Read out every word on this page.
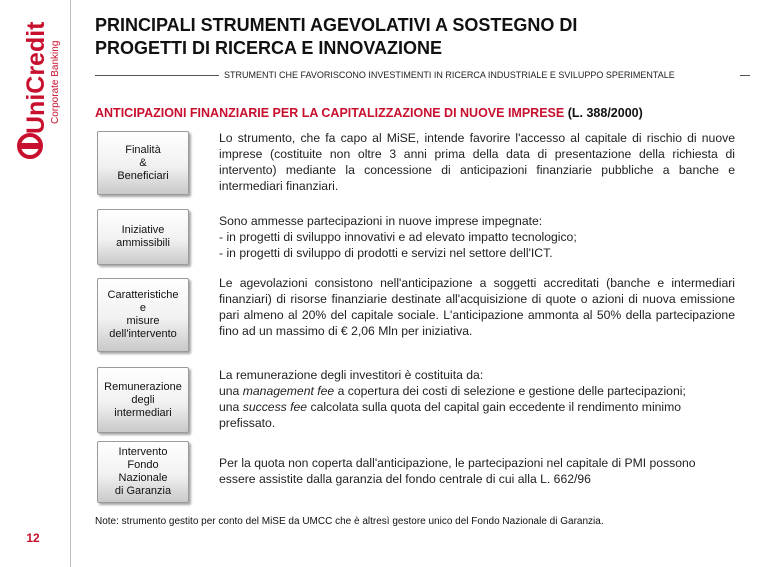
UniCredit Corporate Banking
12
PRINCIPALI STRUMENTI AGEVOLATIVI A SOSTEGNO DI
PROGETTI DI RICERCA E INNOVAZIONE
STRUMENTI CHE FAVORISCONO INVESTIMENTI IN RICERCA INDUSTRIALE E SVILUPPO SPERIMENTALE
ANTICIPAZIONI FINANZIARIE PER LA CAPITALIZZAZIONE DI NUOVE IMPRESE (L. 388/2000)
Finalità
&
Beneficiari

Lo strumento, che fa capo al MiSE, intende favorire l'accesso al capitale di rischio di nuove imprese (costituite non oltre 3 anni prima della data di presentazione della richiesta di intervento) mediante la concessione di anticipazioni finanziarie pubbliche a banche e intermediari finanziari.

Iniziative
ammissibili

Sono ammesse partecipazioni in nuove imprese impegnate:

- in progetti di sviluppo innovativi e ad elevato impatto tecnologico;

- in progetti di sviluppo di prodotti e servizi nel settore dell'ICT.

Caratteristiche
e
misure
dell'intervento

Le agevolazioni consistono nell'anticipazione a soggetti accreditati (banche e intermediari finanziari) di risorse finanziarie destinate all'acquisizione di quote o azioni di nuova emissione pari almeno al 20% del capitale sociale. L'anticipazione ammonta al 50% della partecipazione fino ad un massimo di € 2,06 Mln per iniziativa.

Remunerazione
degli
intermediari

La remunerazione degli investitori è costituita da:

una management fee a copertura dei costi di selezione e gestione delle partecipazioni;

una success fee calcolata sulla quota del capital gain eccedente il rendimento minimo prefissato.

Intervento
Fondo
Nazionale
di Garanzia

Per la quota non coperta dall'anticipazione, le partecipazioni nel capitale di PMI possono essere assistite dalla garanzia del fondo centrale di cui alla L. 662/96

Note: strumento gestito per conto del MiSE da UMCC che è altresì gestore unico del Fondo Nazionale di Garanzia.
